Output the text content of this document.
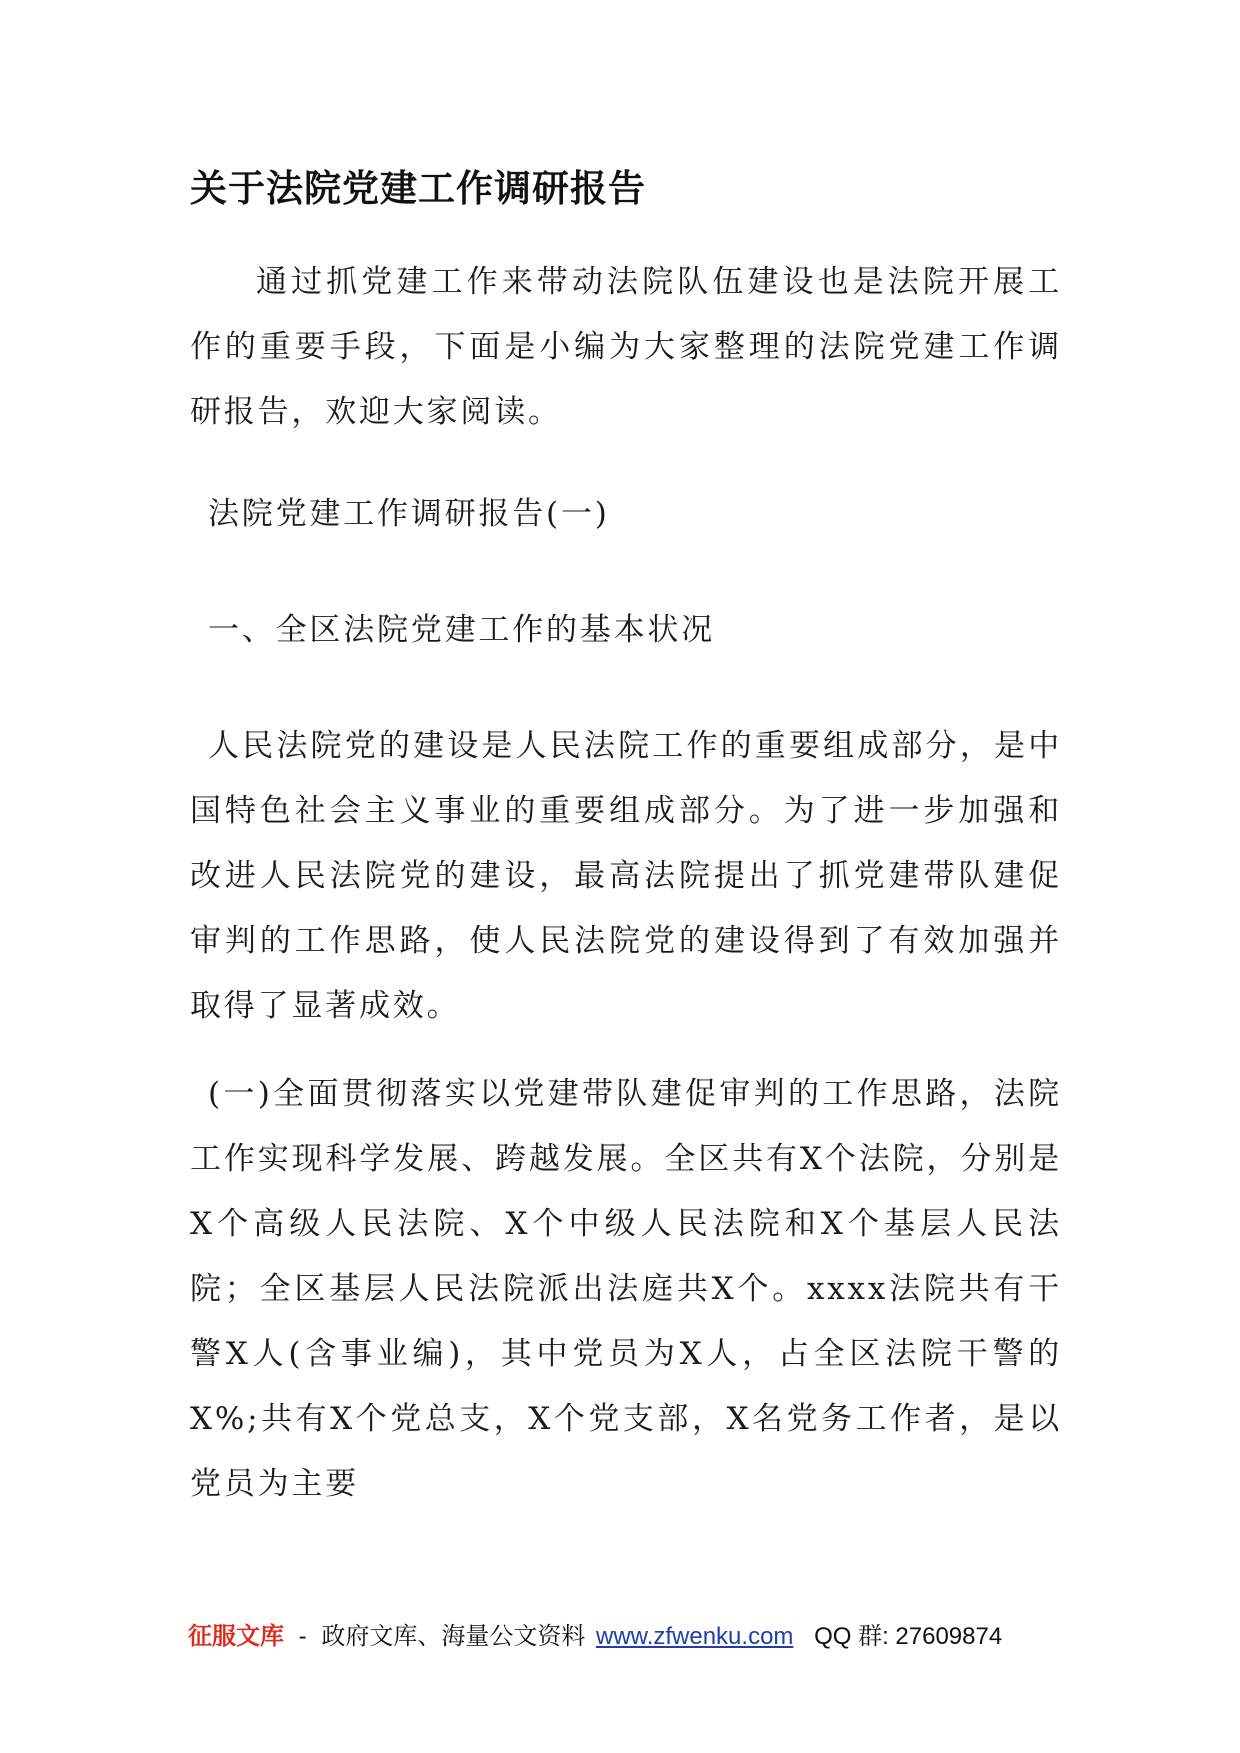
关于法院党建工作调研报告

通过抓党建工作来带动法院队伍建设也是法院开展工作的重要手段，下面是小编为大家整理的法院党建工作调研报告，欢迎大家阅读。

法院党建工作调研报告(一)

一、全区法院党建工作的基本状况

人民法院党的建设是人民法院工作的重要组成部分，是中国特色社会主义事业的重要组成部分。为了进一步加强和改进人民法院党的建设，最高法院提出了抓党建带队建促审判的工作思路，使人民法院党的建设得到了有效加强并取得了显著成效。

(一)全面贯彻落实以党建带队建促审判的工作思路，法院工作实现科学发展、跨越发展。全区共有X个法院，分别是X个高级人民法院、X个中级人民法院和X个基层人民法院；全区基层人民法院派出法庭共X个。xxxx法院共有干警X人(含事业编)，其中党员为X人，占全区法院干警的X%;共有X个党总支，X个党支部，X名党务工作者，是以党员为主要

征服文库 - 政府文库、海量公文资料 www.zfwenku.com QQ 群: 27609874
